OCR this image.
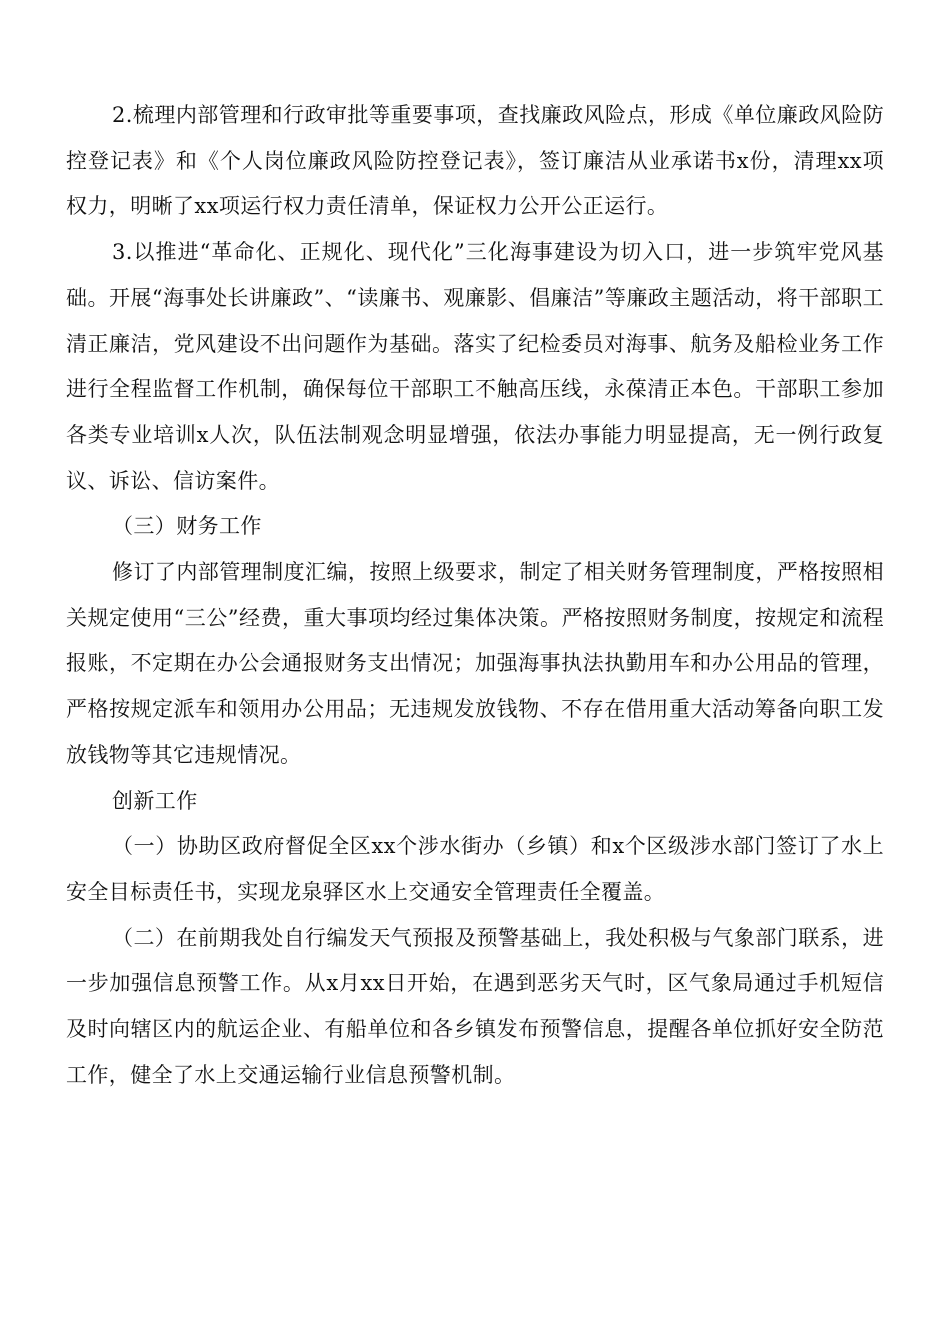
2.梳理内部管理和行政审批等重要事项，查找廉政风险点，形成《单位廉政风险防控登记表》和《个人岗位廉政风险防控登记表》，签订廉洁从业承诺书x份，清理xx项权力，明晰了xx项运行权力责任清单，保证权力公开公正运行。

3.以推进“革命化、正规化、现代化”三化海事建设为切入口，进一步筑牢党风基础。开展“海事处长讲廉政”、“读廉书、观廉影、倡廉洁”等廉政主题活动，将干部职工清正廉洁，党风建设不出问题作为基础。落实了纪检委员对海事、航务及船检业务工作进行全程监督工作机制，确保每位干部职工不触高压线，永葆清正本色。干部职工参加各类专业培训x人次，队伍法制观念明显增强，依法办事能力明显提高，无一例行政复议、诉讼、信访案件。

（三）财务工作

修订了内部管理制度汇编，按照上级要求，制定了相关财务管理制度，严格按照相关规定使用“三公”经费，重大事项均经过集体决策。严格按照财务制度，按规定和流程报账，不定期在办公会通报财务支出情况；加强海事执法执勤用车和办公用品的管理，严格按规定派车和领用办公用品；无违规发放钱物、不存在借用重大活动筹备向职工发放钱物等其它违规情况。

创新工作

（一）协助区政府督促全区xx个涉水街办（乡镇）和x个区级涉水部门签订了水上安全目标责任书，实现龙泉驿区水上交通安全管理责任全覆盖。

（二）在前期我处自行编发天气预报及预警基础上，我处积极与气象部门联系，进一步加强信息预警工作。从x月xx日开始，在遇到恶劣天气时，区气象局通过手机短信及时向辖区内的航运企业、有船单位和各乡镇发布预警信息，提醒各单位抓好安全防范工作，健全了水上交通运输行业信息预警机制。
